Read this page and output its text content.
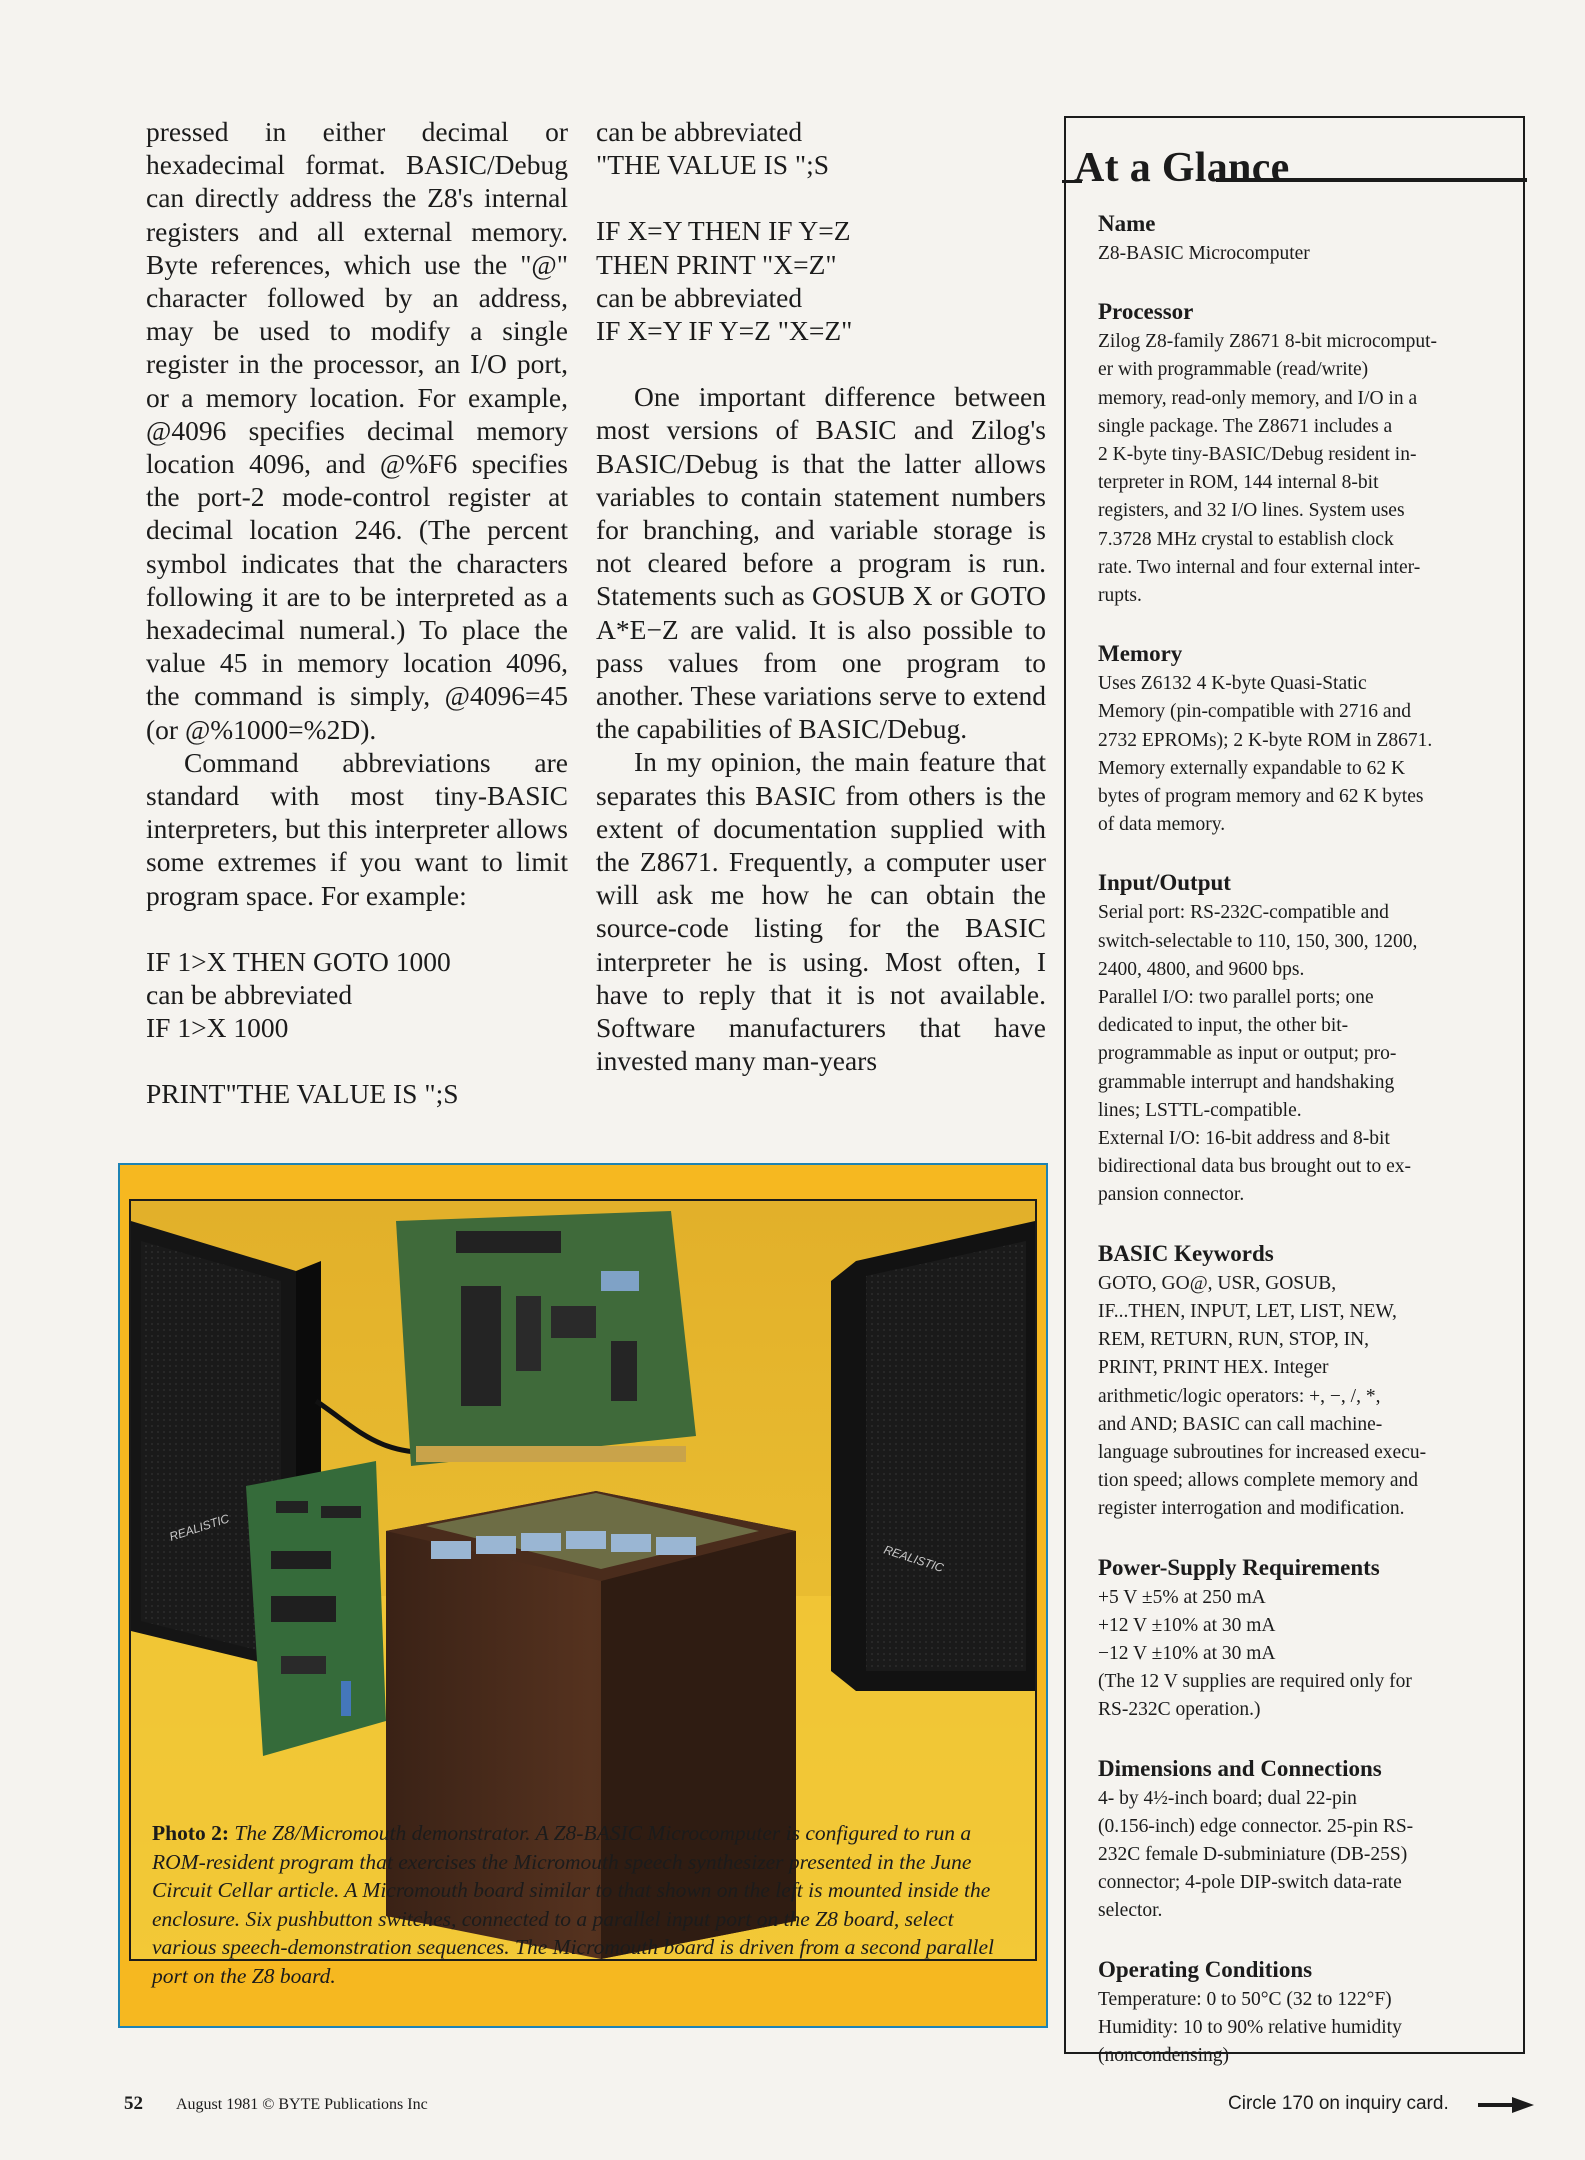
pressed in either decimal or hexadecimal format. BASIC/Debug can directly address the Z8's internal registers and all external memory. Byte references, which use the "@" character followed by an address, may be used to modify a single register in the processor, an I/O port, or a memory location. For example, @4096 specifies decimal memory location 4096, and @%F6 specifies the port-2 mode-control register at decimal location 246. (The percent symbol indicates that the characters following it are to be interpreted as a hexadecimal numeral.) To place the value 45 in memory location 4096, the command is simply, @4096=45 (or @%1000=%2D).

Command abbreviations are standard with most tiny-BASIC interpreters, but this interpreter allows some extremes if you want to limit program space. For example:

IF 1>X THEN GOTO 1000
can be abbreviated
IF 1>X 1000
PRINT"THE VALUE IS ";S
can be abbreviated
"THE VALUE IS ";S
IF X=Y THEN IF Y=Z
THEN PRINT "X=Z"
can be abbreviated
IF X=Y IF Y=Z "X=Z"

One important difference between most versions of BASIC and Zilog's BASIC/Debug is that the latter allows variables to contain statement numbers for branching, and variable storage is not cleared before a program is run. Statements such as GOSUB X or GOTO A*E−Z are valid. It is also possible to pass values from one program to another. These variations serve to extend the capabilities of BASIC/Debug.

In my opinion, the main feature that separates this BASIC from others is the extent of documentation supplied with the Z8671. Frequently, a computer user will ask me how he can obtain the source-code listing for the BASIC interpreter he is using. Most often, I have to reply that it is not available. Software manufacturers that have invested many man-years

At a Glance
Name
Z8-BASIC Microcomputer
Processor
Zilog Z8-family Z8671 8-bit microcomput-
er with programmable (read/write)
memory, read-only memory, and I/O in a
single package. The Z8671 includes a
2 K-byte tiny-BASIC/Debug resident in-
terpreter in ROM, 144 internal 8-bit
registers, and 32 I/O lines. System uses
7.3728 MHz crystal to establish clock
rate. Two internal and four external inter-
rupts.
Memory
Uses Z6132 4 K-byte Quasi-Static
Memory (pin-compatible with 2716 and
2732 EPROMs); 2 K-byte ROM in Z8671.
Memory externally expandable to 62 K
bytes of program memory and 62 K bytes
of data memory.
Input/Output
Serial port: RS-232C-compatible and
switch-selectable to 110, 150, 300, 1200,
2400, 4800, and 9600 bps.
Parallel I/O: two parallel ports; one
dedicated to input, the other bit-
programmable as input or output; pro-
grammable interrupt and handshaking
lines; LSTTL-compatible.
External I/O: 16-bit address and 8-bit
bidirectional data bus brought out to ex-
pansion connector.
BASIC Keywords
GOTO, GO@, USR, GOSUB,
IF...THEN, INPUT, LET, LIST, NEW,
REM, RETURN, RUN, STOP, IN,
PRINT, PRINT HEX. Integer
arithmetic/logic operators: +, −, /, *,
and AND; BASIC can call machine-
language subroutines for increased execu-
tion speed; allows complete memory and
register interrogation and modification.
Power-Supply Requirements
+5 V ±5% at 250 mA
+12 V ±10% at 30 mA
−12 V ±10% at 30 mA
(The 12 V supplies are required only for
RS-232C operation.)
Dimensions and Connections
4- by 4½-inch board; dual 22-pin
(0.156-inch) edge connector. 25-pin RS-
232C female D-subminiature (DB-25S)
connector; 4-pole DIP-switch data-rate
selector.
Operating Conditions
Temperature: 0 to 50°C (32 to 122°F)
Humidity: 10 to 90% relative humidity
(noncondensing)
REALISTIC
REALISTIC
Photo 2: The Z8/Micromouth demonstrator. A Z8-BASIC Microcomputer is configured to run a ROM-resident program that exercises the Micromouth speech synthesizer presented in the June Circuit Cellar article. A Micromouth board similar to that shown on the left is mounted inside the enclosure. Six pushbutton switches, connected to a parallel input port on the Z8 board, select various speech-demonstration sequences. The Micromouth board is driven from a second parallel port on the Z8 board.
52 August 1981 © BYTE Publications Inc	Circle 170 on inquiry card.
